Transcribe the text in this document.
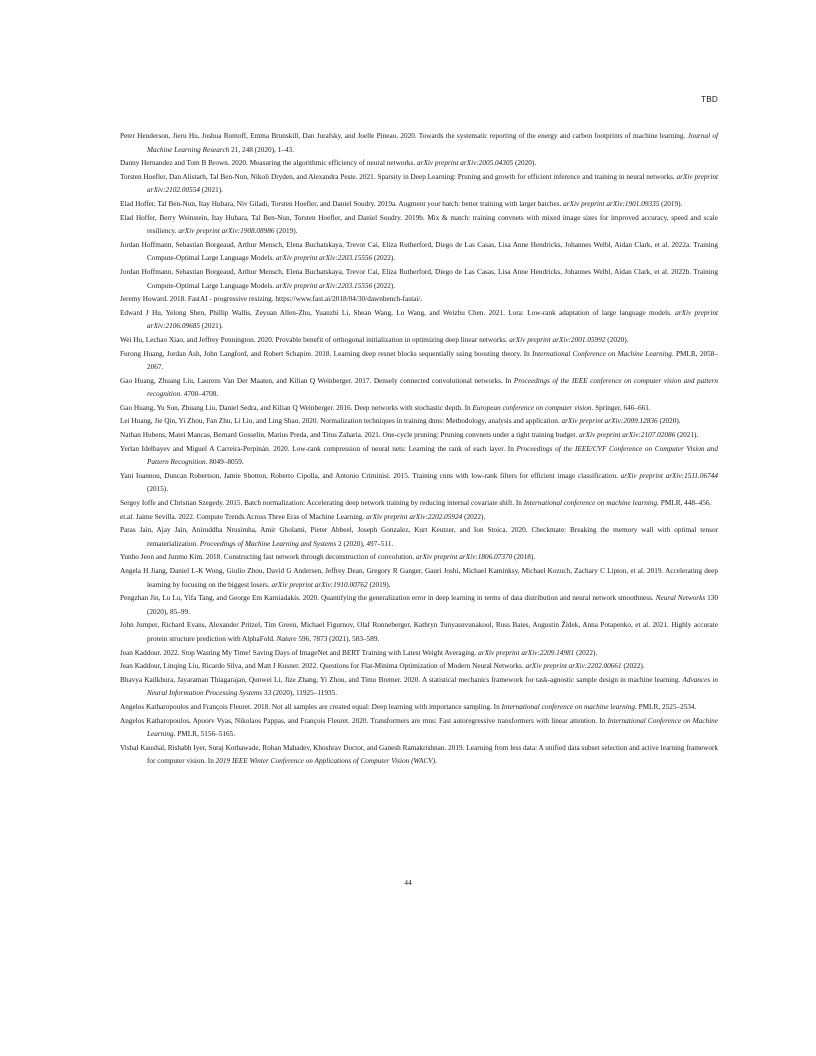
TBD

Peter Henderson, Jieru Hu, Joshua Romoff, Emma Brunskill, Dan Jurafsky, and Joelle Pineau. 2020. Towards the systematic reporting of the energy and carbon footprints of machine learning. Journal of Machine Learning Research 21, 248 (2020), 1–43.

Danny Hernandez and Tom B Brown. 2020. Measuring the algorithmic efficiency of neural networks. arXiv preprint arXiv:2005.04305 (2020).

Torsten Hoefler, Dan Alistarh, Tal Ben-Nun, Nikoli Dryden, and Alexandra Peste. 2021. Sparsity in Deep Learning: Pruning and growth for efficient inference and training in neural networks. arXiv preprint arXiv:2102.00554 (2021).

Elad Hoffer, Tal Ben-Nun, Itay Hubara, Niv Giladi, Torsten Hoefler, and Daniel Soudry. 2019a. Augment your batch: better training with larger batches. arXiv preprint arXiv:1901.09335 (2019).

Elad Hoffer, Berry Weinstein, Itay Hubara, Tal Ben-Nun, Torsten Hoefler, and Daniel Soudry. 2019b. Mix & match: training convnets with mixed image sizes for improved accuracy, speed and scale resiliency. arXiv preprint arXiv:1908.08986 (2019).

Jordan Hoffmann, Sebastian Borgeaud, Arthur Mensch, Elena Buchatskaya, Trevor Cai, Eliza Rutherford, Diego de Las Casas, Lisa Anne Hendricks, Johannes Welbl, Aidan Clark, et al. 2022a. Training Compute-Optimal Large Language Models. arXiv preprint arXiv:2203.15556 (2022).

Jordan Hoffmann, Sebastian Borgeaud, Arthur Mensch, Elena Buchatskaya, Trevor Cai, Eliza Rutherford, Diego de Las Casas, Lisa Anne Hendricks, Johannes Welbl, Aidan Clark, et al. 2022b. Training Compute-Optimal Large Language Models. arXiv preprint arXiv:2203.15556 (2022).

Jeremy Howard. 2018. FastAI - progressive resizing. https://www.fast.ai/2018/04/30/dawnbench-fastai/.

Edward J Hu, Yelong Shen, Phillip Wallis, Zeyuan Allen-Zhu, Yuanzhi Li, Shean Wang, Lu Wang, and Weizhu Chen. 2021. Lora: Low-rank adaptation of large language models. arXiv preprint arXiv:2106.09685 (2021).

Wei Hu, Lechao Xiao, and Jeffrey Pennington. 2020. Provable benefit of orthogonal initialization in optimizing deep linear networks. arXiv preprint arXiv:2001.05992 (2020).

Furong Huang, Jordan Ash, John Langford, and Robert Schapire. 2018. Learning deep resnet blocks sequentially using boosting theory. In International Conference on Machine Learning. PMLR, 2058–2067.

Gao Huang, Zhuang Liu, Laurens Van Der Maaten, and Kilian Q Weinberger. 2017. Densely connected convolutional networks. In Proceedings of the IEEE conference on computer vision and pattern recognition. 4700–4708.

Gao Huang, Yu Sun, Zhuang Liu, Daniel Sedra, and Kilian Q Weinberger. 2016. Deep networks with stochastic depth. In European conference on computer vision. Springer, 646–661.

Lei Huang, Jie Qin, Yi Zhou, Fan Zhu, Li Liu, and Ling Shao. 2020. Normalization techniques in training dnns: Methodology, analysis and application. arXiv preprint arXiv:2009.12836 (2020).

Nathan Hubens, Matei Mancas, Bernard Gosselin, Marius Preda, and Titus Zaharia. 2021. One-cycle pruning: Pruning convnets under a tight training budget. arXiv preprint arXiv:2107.02086 (2021).

Yerlan Idelbayev and Miguel A Carreira-Perpinán. 2020. Low-rank compression of neural nets: Learning the rank of each layer. In Proceedings of the IEEE/CVF Conference on Computer Vision and Pattern Recognition. 8049–8059.

Yani Ioannou, Duncan Robertson, Jamie Shotton, Roberto Cipolla, and Antonio Criminisi. 2015. Training cnns with low-rank filters for efficient image classification. arXiv preprint arXiv:1511.06744 (2015).

Sergey Ioffe and Christian Szegedy. 2015. Batch normalization: Accelerating deep network training by reducing internal covariate shift. In International conference on machine learning. PMLR, 448–456.

et.al. Jaime Sevilla. 2022. Compute Trends Across Three Eras of Machine Learning. arXiv preprint arXiv:2202.05924 (2022).

Paras Jain, Ajay Jain, Aniruddha Nrusimha, Amir Gholami, Pieter Abbeel, Joseph Gonzalez, Kurt Keutzer, and Ion Stoica. 2020. Checkmate: Breaking the memory wall with optimal tensor rematerialization. Proceedings of Machine Learning and Systems 2 (2020), 497–511.

Yunho Jeon and Junmo Kim. 2018. Constructing fast network through deconstruction of convolution. arXiv preprint arXiv:1806.07370 (2018).

Angela H Jiang, Daniel L-K Wong, Giulio Zhou, David G Andersen, Jeffrey Dean, Gregory R Ganger, Gauri Joshi, Michael Kaminksy, Michael Kozuch, Zachary C Lipton, et al. 2019. Accelerating deep learning by focusing on the biggest losers. arXiv preprint arXiv:1910.00762 (2019).

Pengzhan Jin, Lu Lu, Yifa Tang, and George Em Karniadakis. 2020. Quantifying the generalization error in deep learning in terms of data distribution and neural network smoothness. Neural Networks 130 (2020), 85–99.

John Jumper, Richard Evans, Alexander Pritzel, Tim Green, Michael Figurnov, Olaf Ronneberger, Kathryn Tunyasuvunakool, Russ Bates, Augustin Žídek, Anna Potapenko, et al. 2021. Highly accurate protein structure prediction with AlphaFold. Nature 596, 7873 (2021), 583–589.

Jean Kaddour. 2022. Stop Wasting My Time! Saving Days of ImageNet and BERT Training with Latest Weight Averaging. arXiv preprint arXiv:2209.14981 (2022).

Jean Kaddour, Linqing Liu, Ricardo Silva, and Matt J Kusner. 2022. Questions for Flat-Minima Optimization of Modern Neural Networks. arXiv preprint arXiv:2202.00661 (2022).

Bhavya Kailkhura, Jayaraman Thiagarajan, Qunwei Li, Jize Zhang, Yi Zhou, and Timo Bremer. 2020. A statistical mechanics framework for task-agnostic sample design in machine learning. Advances in Neural Information Processing Systems 33 (2020), 11925–11935.

Angelos Katharopoulos and François Fleuret. 2018. Not all samples are created equal: Deep learning with importance sampling. In International conference on machine learning. PMLR, 2525–2534.

Angelos Katharopoulos, Apoorv Vyas, Nikolaos Pappas, and François Fleuret. 2020. Transformers are rnns: Fast autoregressive transformers with linear attention. In International Conference on Machine Learning. PMLR, 5156–5165.

Vishal Kaushal, Rishabh Iyer, Suraj Kothawade, Rohan Mahadev, Khoshrav Doctor, and Ganesh Ramakrishnan. 2019. Learning from less data: A unified data subset selection and active learning framework for computer vision. In 2019 IEEE Winter Conference on Applications of Computer Vision (WACV).

44
